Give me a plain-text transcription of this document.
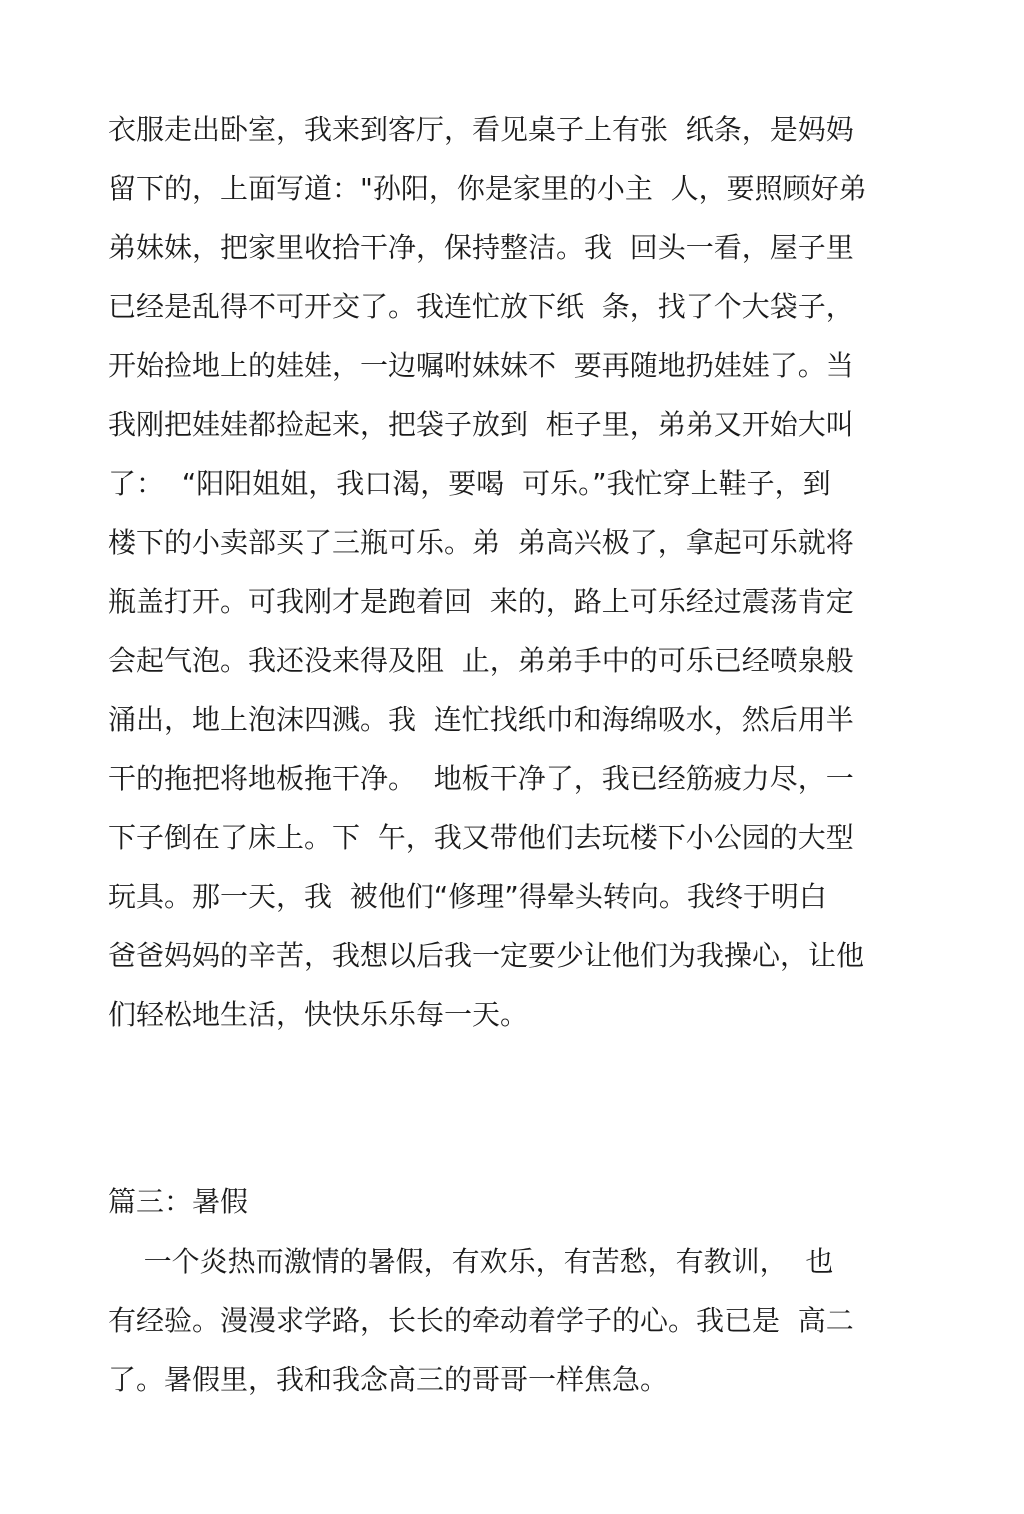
衣服走出卧室，我来到客厅，看见桌子上有张  纸条，是妈妈
留下的，上面写道："孙阳，你是家里的小主  人，要照顾好弟
弟妹妹，把家里收拾干净，保持整洁。我  回头一看，屋子里
已经是乱得不可开交了。我连忙放下纸  条，找了个大袋子，
开始捡地上的娃娃，一边嘱咐妹妹不  要再随地扔娃娃了。当
我刚把娃娃都捡起来，把袋子放到  柜子里，弟弟又开始大叫
了：  “阳阳姐姐，我口渴，要喝  可乐。”我忙穿上鞋子，到
楼下的小卖部买了三瓶可乐。弟  弟高兴极了，拿起可乐就将
瓶盖打开。可我刚才是跑着回  来的，路上可乐经过震荡肯定
会起气泡。我还没来得及阻  止，弟弟手中的可乐已经喷泉般
涌出，地上泡沫四溅。我  连忙找纸巾和海绵吸水，然后用半
干的拖把将地板拖干净。  地板干净了，我已经筋疲力尽，一
下子倒在了床上。下  午，我又带他们去玩楼下小公园的大型
玩具。那一天，我  被他们“修理”得晕头转向。我终于明白
爸爸妈妈的辛苦，我想以后我一定要少让他们为我操心，让他
们轻松地生活，快快乐乐每一天。
篇三：暑假
一个炎热而激情的暑假，有欢乐，有苦愁，有教训，  也
有经验。漫漫求学路，长长的牵动着学子的心。我已是  高二
了。暑假里，我和我念高三的哥哥一样焦急。
